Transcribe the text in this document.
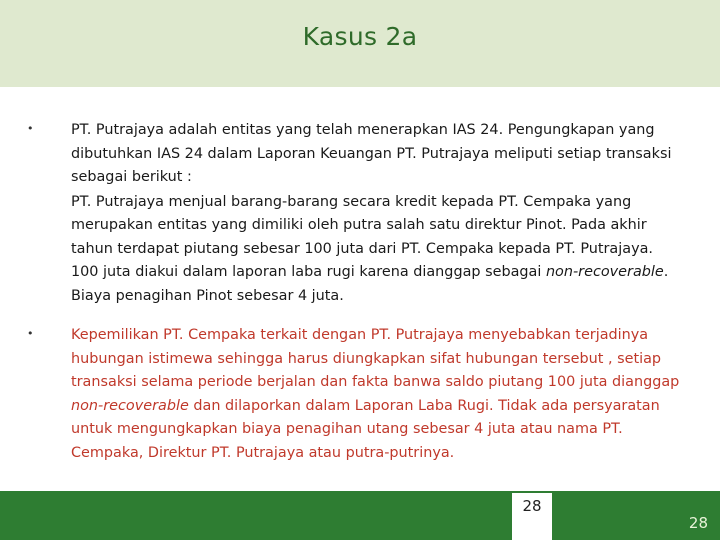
Kasus 2a
•	PT. Putrajaya adalah entitas yang telah menerapkan IAS 24. Pengungkapan yang dibutuhkan IAS 24 dalam Laporan Keuangan PT. Putrajaya meliputi setiap transaksi sebagai berikut :

PT. Putrajaya menjual barang-barang secara kredit kepada PT. Cempaka yang merupakan entitas yang dimiliki oleh putra salah satu direktur Pinot. Pada akhir tahun terdapat piutang sebesar 100 juta dari PT. Cempaka kepada PT. Putrajaya. 100 juta diakui dalam laporan laba rugi karena dianggap sebagai non-recoverable. Biaya penagihan Pinot sebesar 4 juta.

•	Kepemilikan PT. Cempaka terkait dengan PT. Putrajaya menyebabkan terjadinya hubungan istimewa sehingga harus diungkapkan sifat hubungan tersebut , setiap transaksi selama periode berjalan dan fakta banwa saldo piutang 100 juta dianggap non-recoverable dan dilaporkan dalam Laporan Laba Rugi. Tidak ada persyaratan untuk mengungkapkan biaya penagihan utang sebesar 4 juta atau nama PT. Cempaka, Direktur PT. Putrajaya atau putra-putrinya.

28
28
